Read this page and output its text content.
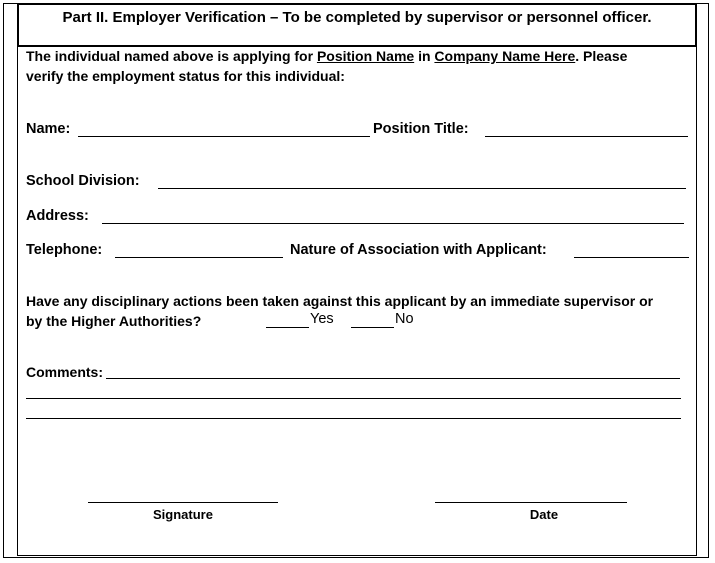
Part II. Employer Verification – To be completed by supervisor or personnel officer.
The individual named above is applying for Position Name in Company Name Here. Please
verify the employment status for this individual:
Name:	Position Title:
School Division:
Address:
Telephone:	Nature of Association with Applicant:
Have any disciplinary actions been taken against this applicant by an immediate supervisor or
by the Higher Authorities?	Yes	No
Comments:
Signature	Date
